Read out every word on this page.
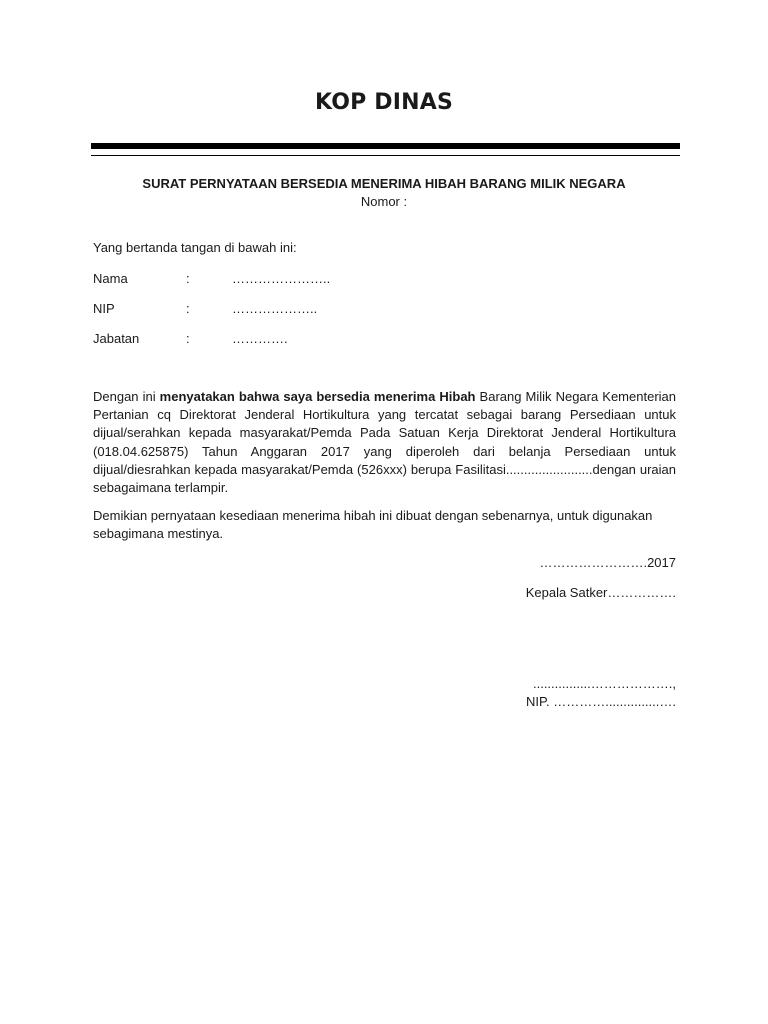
KOP DINAS
SURAT PERNYATAAN BERSEDIA MENERIMA HIBAH BARANG MILIK NEGARA
Nomor :
Yang bertanda tangan di bawah ini:
Nama	:	…………………..
NIP	:	………………..
Jabatan	:	………….
Dengan ini menyatakan bahwa saya bersedia menerima Hibah Barang Milik Negara Kementerian Pertanian cq Direktorat Jenderal Hortikultura yang tercatat sebagai barang Persediaan untuk dijual/serahkan kepada masyarakat/Pemda Pada Satuan Kerja Direktorat Jenderal Hortikultura (018.04.625875) Tahun Anggaran 2017 yang diperoleh dari belanja Persediaan untuk dijual/diesrahkan kepada masyarakat/Pemda (526xxx) berupa Fasilitasi........................dengan uraian sebagaimana terlampir.
Demikian pernyataan kesediaan menerima hibah ini dibuat dengan sebenarnya, untuk digunakan sebagimana mestinya.
…………………….2017
Kepala Satker…………….
................……………….,
NIP. …………...............….
